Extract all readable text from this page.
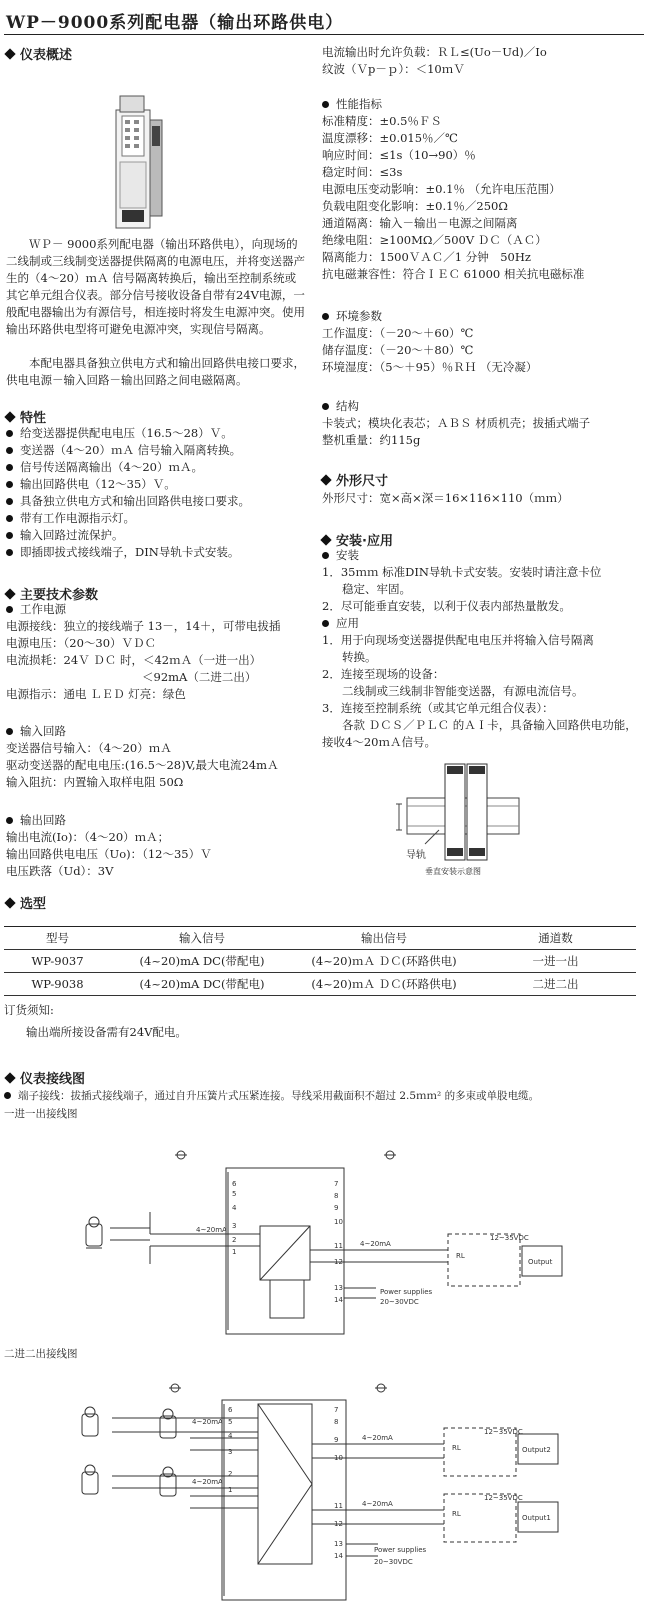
WP－9000系列配电器（输出环路供电）
仪表概述
　　ＷＰ－ 9000系列配电器（输出环路供电），向现场的二线制或三线制变送器提供隔离的电源电压，并将变送器产生的（4～20）ｍＡ 信号隔离转换后，输出至控制系统或其它单元组合仪表。部分信号接收设备自带有24V电源，一般配电器输出为有源信号，相连接时将发生电源冲突。使用输出环路供电型将可避免电源冲突，实现信号隔离。
　　本配电器具备独立供电方式和输出回路供电接口要求，供电电源－输入回路－输出回路之间电磁隔离。
特性
给变送器提供配电电压（16.5～28）Ｖ。
变送器（4～20）ｍＡ 信号输入隔离转换。
信号传送隔离输出（4～20）ｍＡ。
输出回路供电（12～35）Ｖ。
具备独立供电方式和输出回路供电接口要求。
带有工作电源指示灯。
输入回路过流保护。
即插即拔式接线端子，DIN导轨卡式安装。
主要技术参数
工作电源
电源接线：独立的接线端子 13－，14＋，可带电拔插
电源电压：（20～30）ＶＤＣ
电流损耗：24Ｖ ＤＣ 时，＜42ｍＡ（一进一出）
＜92mA（二进二出）
电源指示：通电 ＬＥＤ 灯亮：绿色
输入回路
变送器信号输入：（4～20）ｍＡ
驱动变送器的配电电压:(16.5～28)V,最大电流24mＡ
输入阻抗：内置输入取样电阻 50Ω
输出回路
输出电流(Io)：（4～20）ｍＡ；
输出回路供电电压（Uo)：（12～35）Ｖ
电压跌落（Ud）：3V
电流输出时允许负载：ＲＬ≤(Uo－Ud)／Io
纹波（Ｖp－ｐ）：＜10ｍＶ
性能指标
标准精度：±0.5％ＦＳ
温度漂移：±0.015％／℃
响应时间：≤1s（10→90）％
稳定时间：≤3s
电源电压变动影响：±0.1％ （允许电压范围）
负载电阻变化影响：±0.1％／250Ω
通道隔离：输入－输出－电源之间隔离
绝缘电阻：≥100MΩ／500V ＤＣ（ＡＣ）
隔离能力：1500ＶＡＣ／1 分钟　50Hz
抗电磁兼容性：符合ＩＥＣ 61000 相关抗电磁标准
环境参数
工作温度：（－20～＋60）℃
储存温度：（－20～＋80）℃
环境湿度：（5～＋95）％ＲＨ （无冷凝）
结构
卡装式；模块化表芯；ＡＢＳ 材质机壳；拔插式端子
整机重量：约115g
外形尺寸
外形尺寸：宽×高×深＝16×116×110（ｍｍ）
安装·应用
安装
1．35ｍｍ 标准DIN导轨卡式安装。安装时请注意卡位
稳定、牢固。
2．尽可能垂直安装，以利于仪表内部热量散发。
应用
1．用于向现场变送器提供配电电压并将输入信号隔离
转换。
2．连接至现场的设备：
二线制或三线制非智能变送器，有源电流信号。
3．连接至控制系统（或其它单元组合仪表）：
各款 ＤＣＳ／ＰＬＣ 的ＡＩ卡，具备输入回路供电功能，
接收4～20ｍＡ信号。
导轨
垂直安装示意图
选型
型号	输入信号	输出信号	通道数
WP-9037	(4~20)mA DC(带配电)	(4~20)ｍＡ ＤＣ(环路供电)	一进一出
WP-9038	(4~20)mA DC(带配电)	(4~20)ｍＡ ＤＣ(环路供电)	二进二出
订货须知:
输出端所接设备需有24V配电。
仪表接线图
端子接线：拔插式接线端子，通过自升压簧片式压紧连接。导线采用截面积不超过 2.5ｍｍ² 的多束或单股电缆。
一进一出接线图
6
5
4
3
2
1
7
8
9
10
11
12
13
14
4~20mA
4~20mA
12~35VDC
Output
RL
Power supplies
20~30VDC
二进二出接线图
6
5
4
3
2
1
7
8
9
10
11
12
13
14
4~20mA
4~20mA
4~20mA
4~20mA
12~35VDC
12~35VDC
Output2
Output1
RL
RL
Power supplies
20~30VDC
